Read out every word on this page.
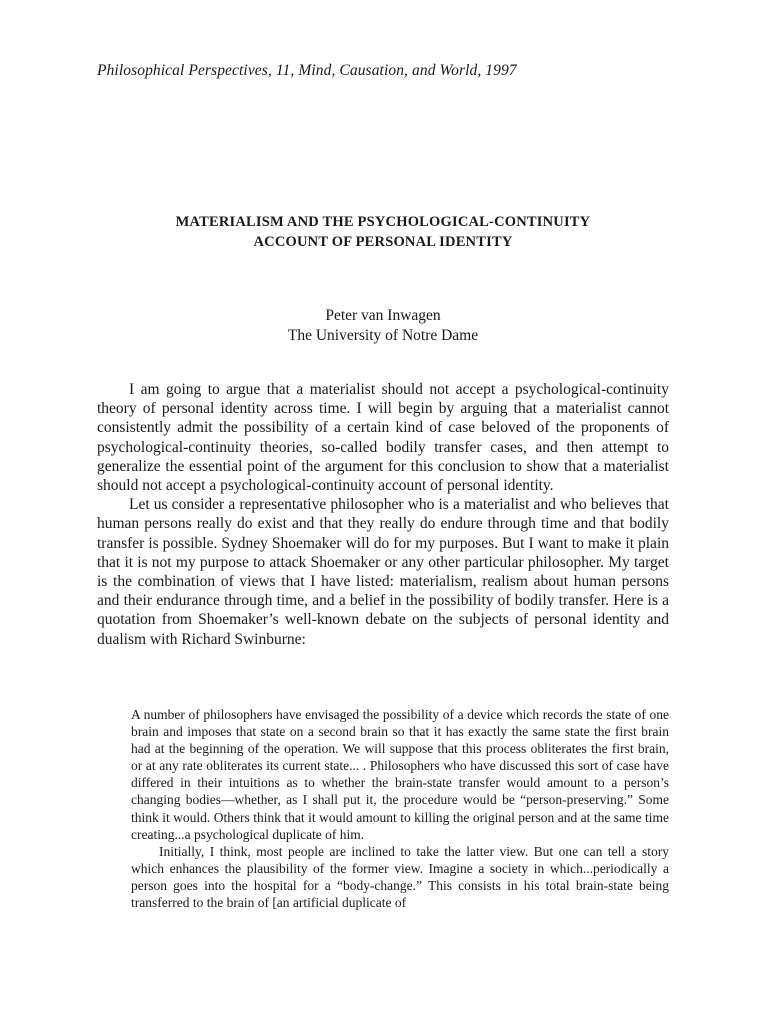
Philosophical Perspectives, 11, Mind, Causation, and World, 1997
MATERIALISM AND THE PSYCHOLOGICAL-CONTINUITY
ACCOUNT OF PERSONAL IDENTITY
Peter van Inwagen
The University of Notre Dame

I am going to argue that a materialist should not accept a psychological-continuity theory of personal identity across time. I will begin by arguing that a materialist cannot consistently admit the possibility of a certain kind of case beloved of the proponents of psychological-continuity theories, so-called bodily transfer cases, and then attempt to generalize the essential point of the argument for this conclusion to show that a materialist should not accept a psychological-continuity account of personal identity.

Let us consider a representative philosopher who is a materialist and who believes that human persons really do exist and that they really do endure through time and that bodily transfer is possible. Sydney Shoemaker will do for my purposes. But I want to make it plain that it is not my purpose to attack Shoemaker or any other particular philosopher. My target is the combination of views that I have listed: materialism, realism about human persons and their endurance through time, and a belief in the possibility of bodily transfer. Here is a quotation from Shoemaker’s well-known debate on the subjects of personal identity and dualism with Richard Swinburne:

A number of philosophers have envisaged the possibility of a device which records the state of one brain and imposes that state on a second brain so that it has exactly the same state the first brain had at the beginning of the operation. We will suppose that this process obliterates the first brain, or at any rate obliterates its current state... . Philosophers who have discussed this sort of case have differed in their intuitions as to whether the brain-state transfer would amount to a person’s changing bodies—whether, as I shall put it, the procedure would be “person-preserving.” Some think it would. Others think that it would amount to killing the original person and at the same time creating...a psychological duplicate of him.

Initially, I think, most people are inclined to take the latter view. But one can tell a story which enhances the plausibility of the former view. Imagine a society in which...periodically a person goes into the hospital for a “body-change.” This consists in his total brain-state being transferred to the brain of [an artificial duplicate of
